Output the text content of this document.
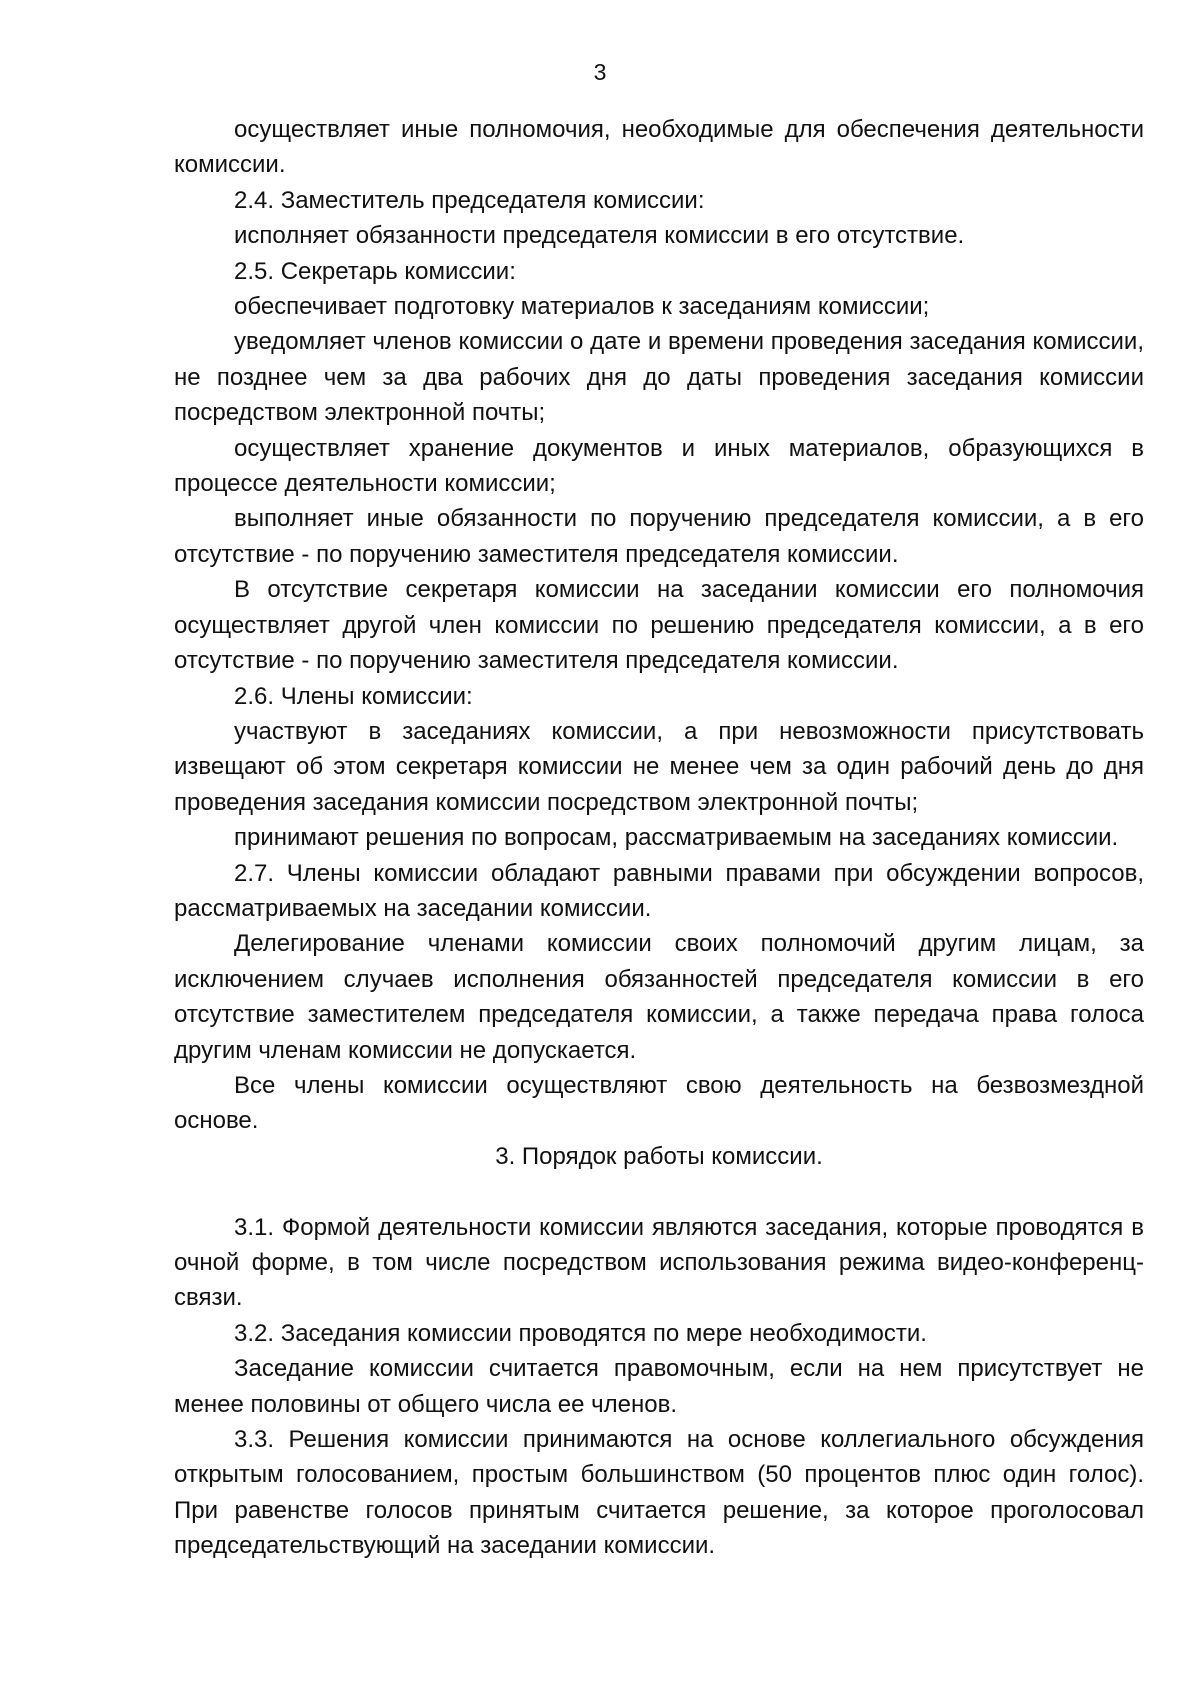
3

осуществляет иные полномочия, необходимые для обеспечения деятельности комиссии.

2.4. Заместитель председателя комиссии:

исполняет обязанности председателя комиссии в его отсутствие.

2.5. Секретарь комиссии:

обеспечивает подготовку материалов к заседаниям комиссии;

уведомляет членов комиссии о дате и времени проведения заседания комиссии, не позднее чем за два рабочих дня до даты проведения заседания комиссии посредством электронной почты;

осуществляет хранение документов и иных материалов, образующихся в процессе деятельности комиссии;

выполняет иные обязанности по поручению председателя комиссии, а в его отсутствие - по поручению заместителя председателя комиссии.

В отсутствие секретаря комиссии на заседании комиссии его полномочия осуществляет другой член комиссии по решению председателя комиссии, а в его отсутствие - по поручению заместителя председателя комиссии.

2.6. Члены комиссии:

участвуют в заседаниях комиссии, а при невозможности присутствовать извещают об этом секретаря комиссии не менее чем за один рабочий день до дня проведения заседания комиссии посредством электронной почты;

принимают решения по вопросам, рассматриваемым на заседаниях комиссии.

2.7. Члены комиссии обладают равными правами при обсуждении вопросов, рассматриваемых на заседании комиссии.

Делегирование членами комиссии своих полномочий другим лицам, за исключением случаев исполнения обязанностей председателя комиссии в его отсутствие заместителем председателя комиссии, а также передача права голоса другим членам комиссии не допускается.

Все члены комиссии осуществляют свою деятельность на безвозмездной основе.

3. Порядок работы комиссии.

3.1. Формой деятельности комиссии являются заседания, которые проводятся в очной форме, в том числе посредством использования режима видео-конференц-связи.

3.2. Заседания комиссии проводятся по мере необходимости.

Заседание комиссии считается правомочным, если на нем присутствует не менее половины от общего числа ее членов.

3.3. Решения комиссии принимаются на основе коллегиального обсуждения открытым голосованием, простым большинством (50 процентов плюс один голос). При равенстве голосов принятым считается решение, за которое проголосовал председательствующий на заседании комиссии.
